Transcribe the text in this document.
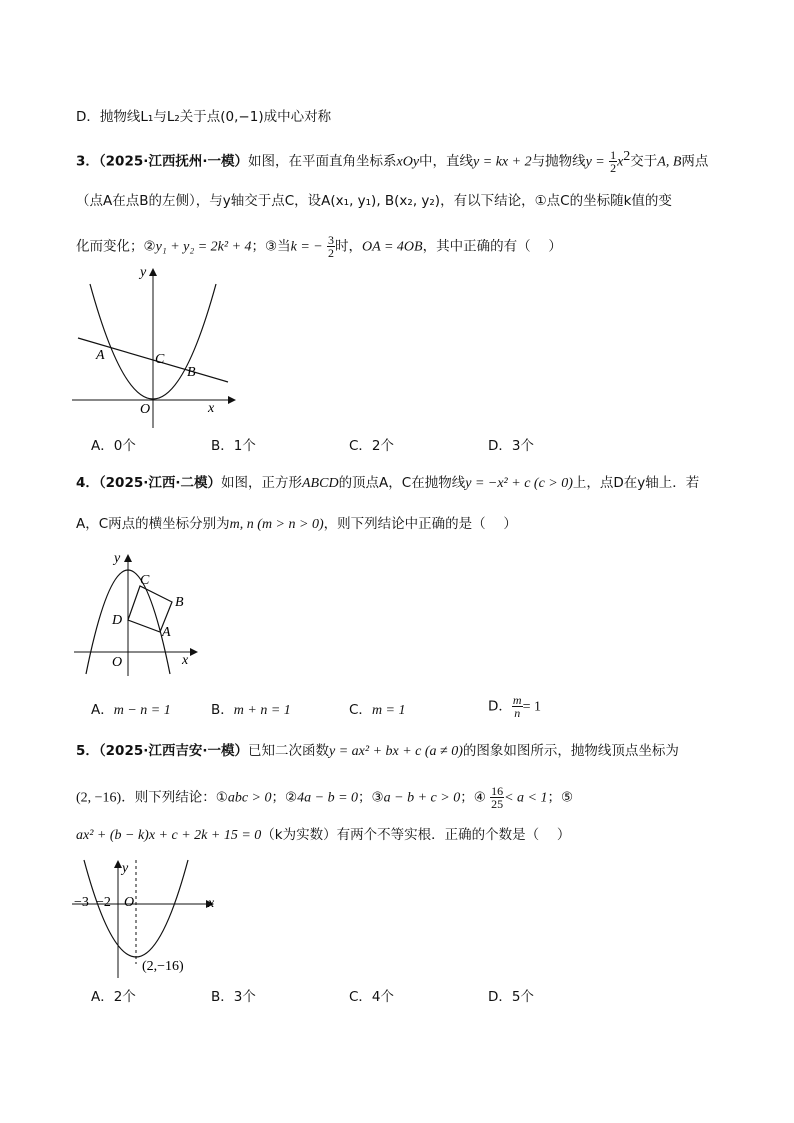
D．抛物线L₁与L₂关于点(0,−1)成中心对称
3．（2025·江西抚州·一模）如图，在平面直角坐标系xOy中，直线y = kx + 2与抛物线$y = \frac{1}{2} x^2$交于A, B两点
（点A在点B的左侧），与y轴交于点C，设A(x₁, y₁), B(x₂, y₂)，有以下结论，①点C的坐标随k值的变
化而变化；②y₁ + y₂ = 2k² + 4；③当k = − $\frac{3}{2}$ 时，OA = 4OB，其中正确的有（　 ）
x
y
O
A	C
B
A．0个	B．1个	C．2个	D．3个
4．（2025·江西·二模）如图，正方形ABCD的顶点A，C在抛物线y = −x² + c (c > 0)上，点D在y轴上．若
A，C两点的横坐标分别为m, n (m > n > 0)，则下列结论中正确的是（　 ）
x
y
O
C
B
D
A
A．m − n = 1	B．m + n = 1	C．m = 1	D． $\frac{m}{n} = 1$
5．（2025·江西吉安·一模）已知二次函数y = ax² + bx + c (a ≠ 0)的图象如图所示，抛物线顶点坐标为
(2, −16)．则下列结论：①abc > 0；②4a − b = 0；③a − b + c > 0；④ $\frac{16}{25} < a < 1$；⑤
ax² + (b − k)x + c + 2k + 15 = 0（k为实数）有两个不等实根．正确的个数是（　 ）
x
y
O
−3 −2
(2,−16)
A．2个	B．3个	C．4个	D．5个
